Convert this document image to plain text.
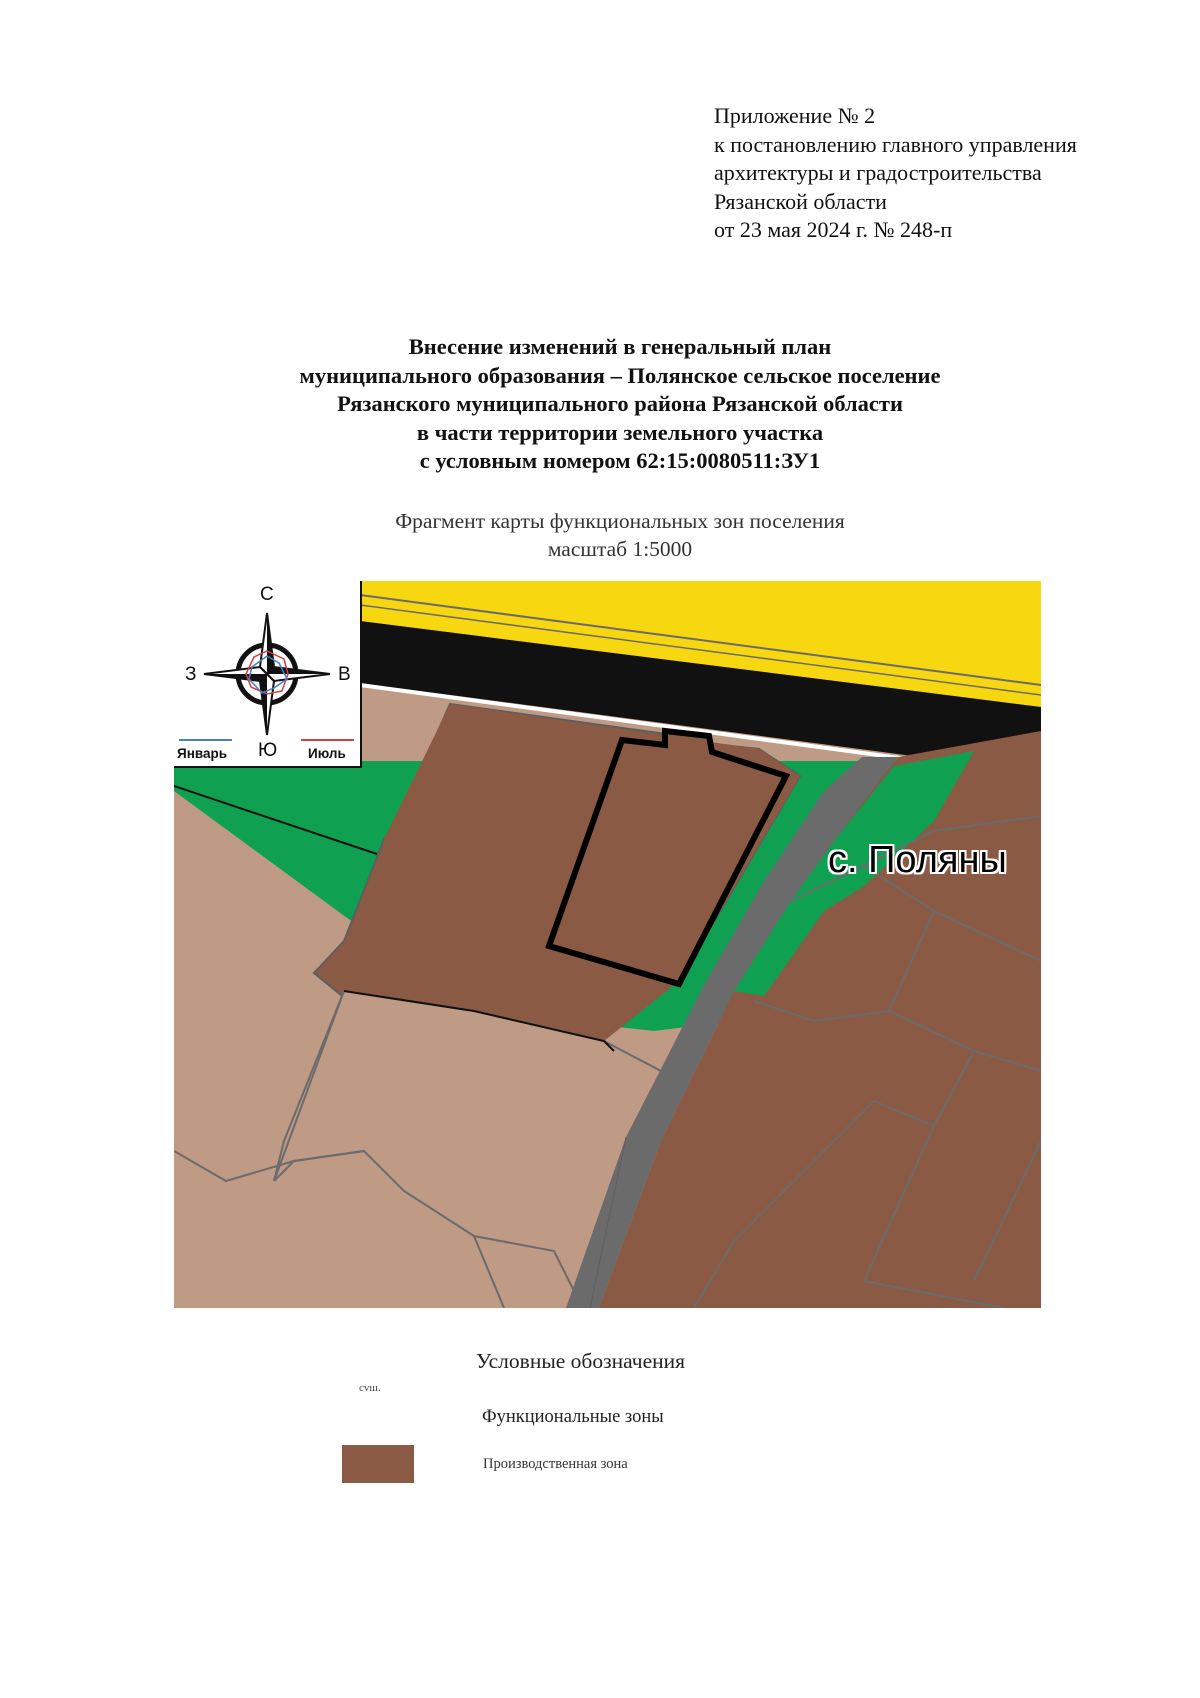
Приложение № 2
к постановлению главного управления
архитектуры и градостроительства
Рязанской области
от 23 мая 2024 г. № 248-п
Внесение изменений в генеральный план
муниципального образования – Полянское сельское поселение
Рязанского муниципального района Рязанской области
в части территории земельного участка
с условным номером 62:15:0080511:ЗУ1
Фрагмент карты функциональных зон поселения
масштаб 1:5000
С
З	В
Ю
Январь	Июль
с. Поляны
Условные обозначения
cvш.
Функциональные зоны
Производственная зона
